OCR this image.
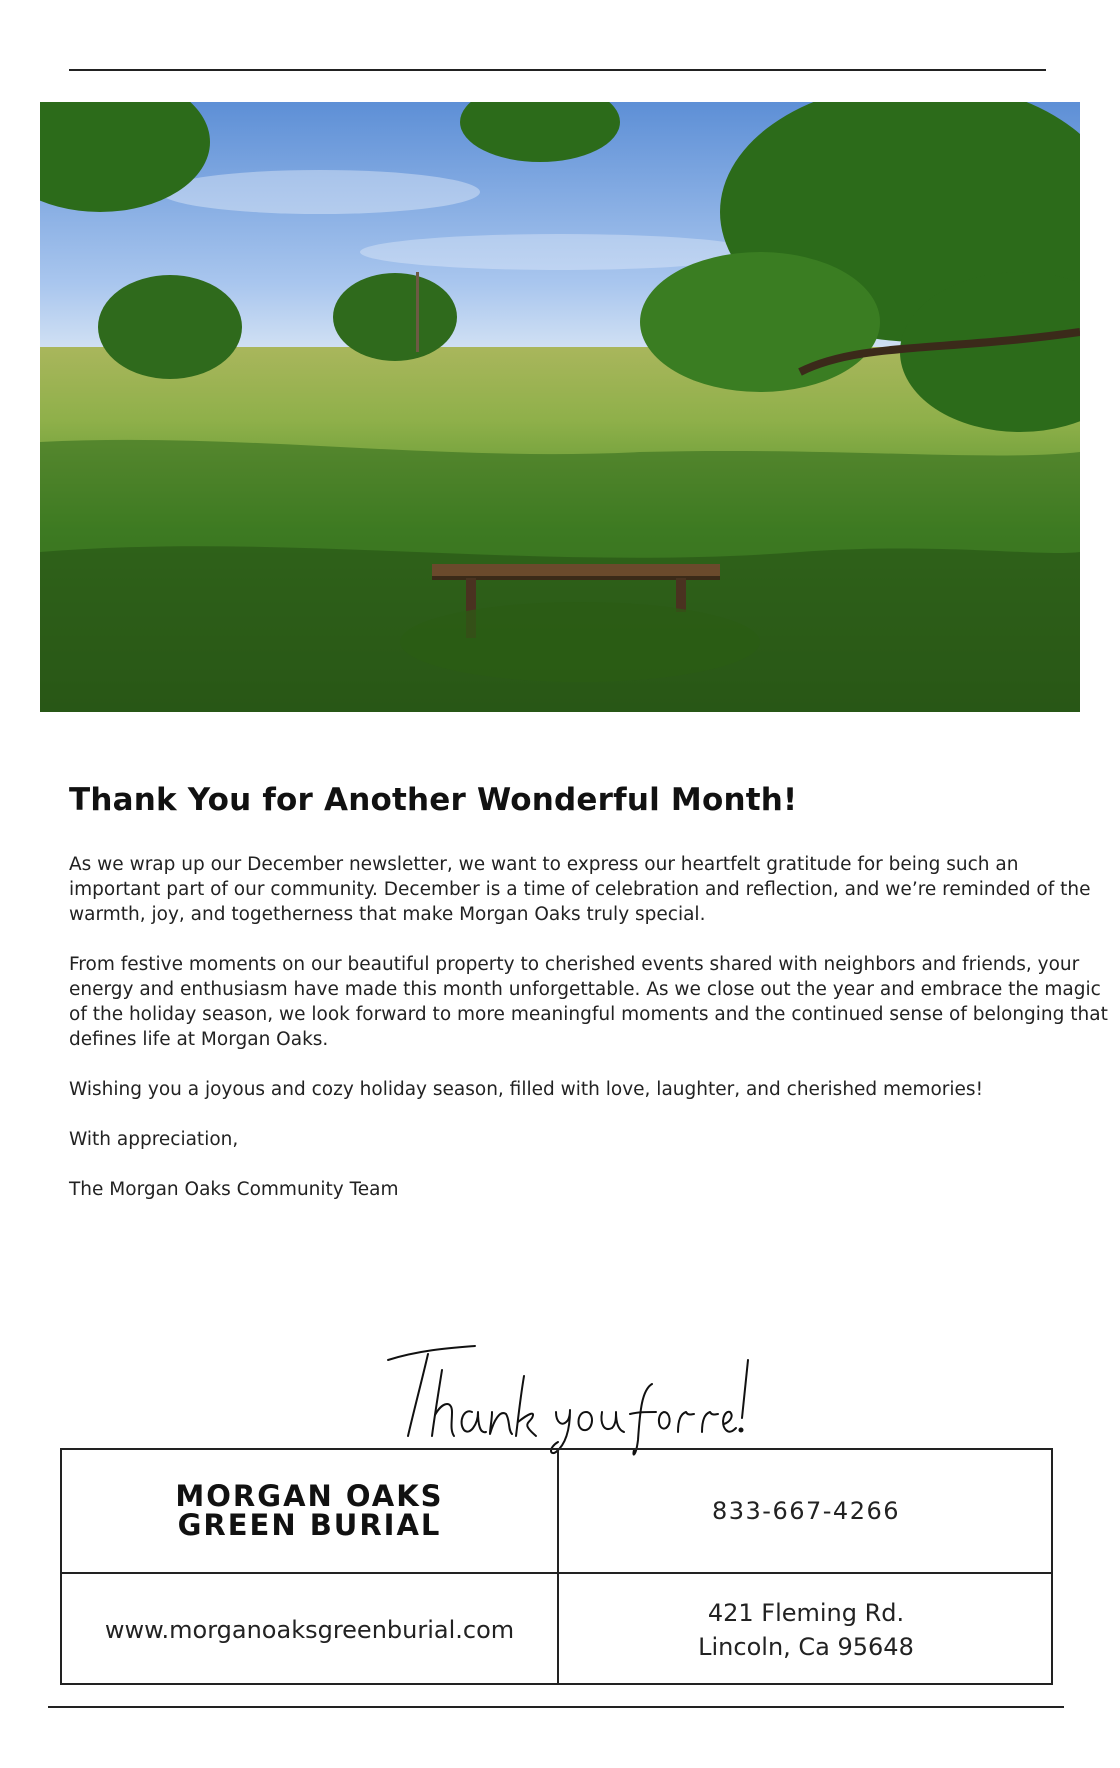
Thank You for Another Wonderful Month!

As we wrap up our December newsletter, we want to express our heartfelt gratitude for being such an important part of our community. December is a time of celebration and reflection, and we’re reminded of the warmth, joy, and togetherness that make Morgan Oaks truly special.

From festive moments on our beautiful property to cherished events shared with neighbors and friends, your energy and enthusiasm have made this month unforgettable. As we close out the year and embrace the magic of the holiday season, we look forward to more meaningful moments and the continued sense of belonging that defines life at Morgan Oaks.

Wishing you a joyous and cozy holiday season, filled with love, laughter, and cherished memories!

With appreciation,

The Morgan Oaks Community Team

MORGAN OAKS
GREEN BURIAL	833-667-4266
www.morganoaksgreenburial.com
421 Fleming Rd.
Lincoln, Ca 95648
